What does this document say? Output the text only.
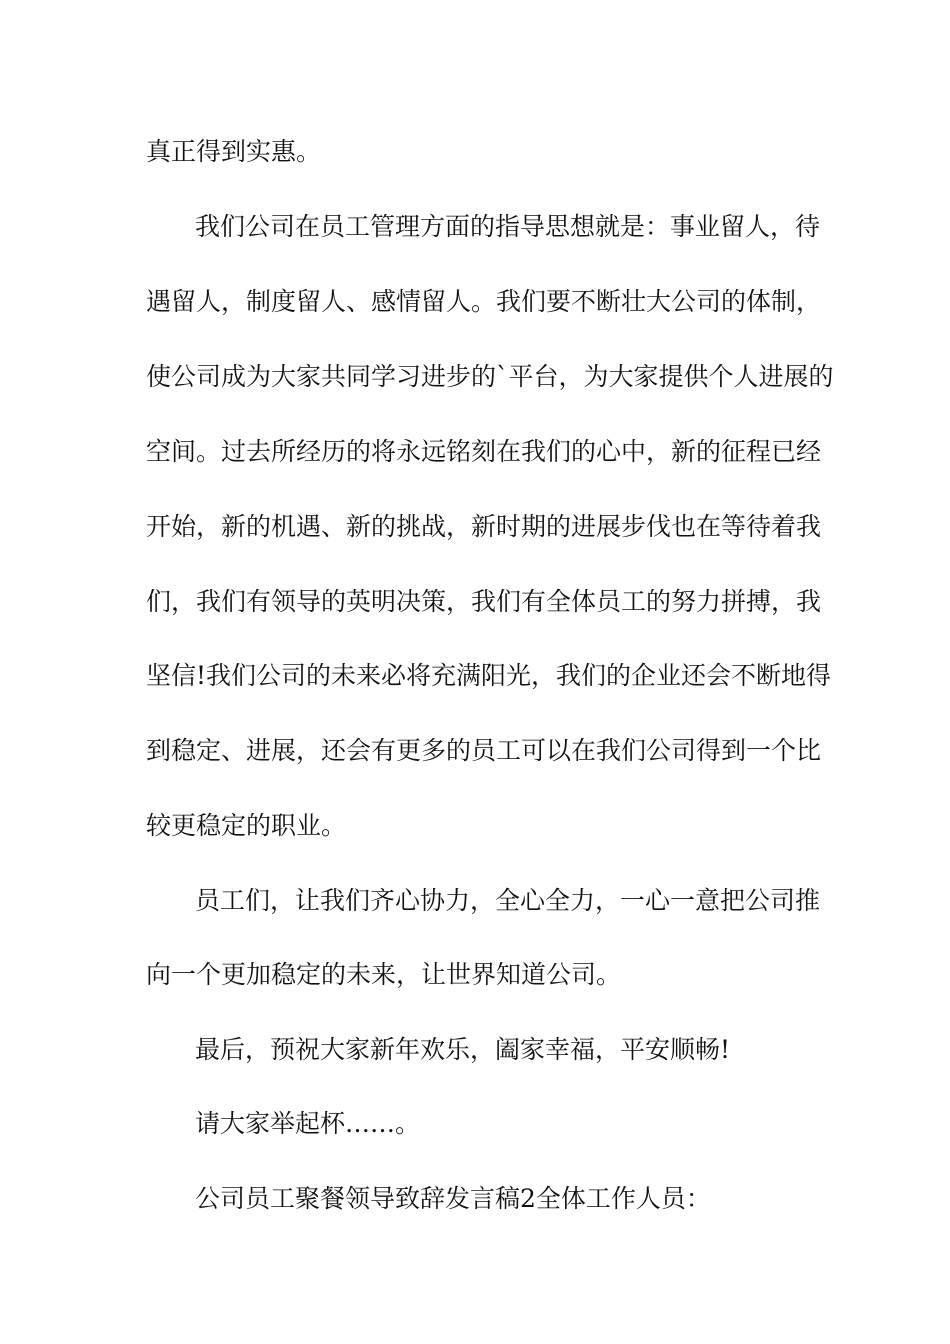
真正得到实惠。
我们公司在员工管理方面的指导思想就是：事业留人，待
遇留人，制度留人、感情留人。我们要不断壮大公司的体制，
使公司成为大家共同学习进步的`平台，为大家提供个人进展的
空间。过去所经历的将永远铭刻在我们的心中，新的征程已经
开始，新的机遇、新的挑战，新时期的进展步伐也在等待着我
们，我们有领导的英明决策，我们有全体员工的努力拼搏，我
坚信!我们公司的未来必将充满阳光，我们的企业还会不断地得
到稳定、进展，还会有更多的员工可以在我们公司得到一个比
较更稳定的职业。
员工们，让我们齐心协力，全心全力，一心一意把公司推
向一个更加稳定的未来，让世界知道公司。
最后，预祝大家新年欢乐，阖家幸福，平安顺畅!
请大家举起杯……。
公司员工聚餐领导致辞发言稿2全体工作人员：
